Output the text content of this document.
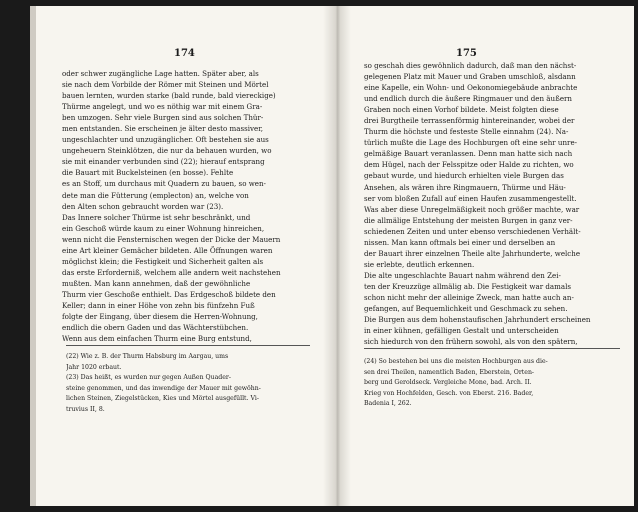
174
oder schwer zugängliche Lage hatten. Später aber, als
sie nach dem Vorbilde der Römer mit Steinen und Mörtel
bauen lernten, wurden starke (bald runde, bald viereckige)
Thürme angelegt, und wo es nöthig war mit einem Gra-
ben umzogen. Sehr viele Burgen sind aus solchen Thür-
men entstanden. Sie erscheinen je älter desto massiver,
ungeschlachter und unzugänglicher. Oft bestehen sie aus
ungeheuern Steinklötzen, die nur da behauen wurden, wo
sie mit einander verbunden sind (22); hierauf entsprang
die Bauart mit Buckelsteinen (en bosse). Fehlte
es an Stoff, um durchaus mit Quadern zu bauen, so wen-
dete man die Fütterung (emplecton) an, welche von
den Alten schon gebraucht worden war (23).
Das Innere solcher Thürme ist sehr beschränkt, und
ein Geschoß würde kaum zu einer Wohnung hinreichen,
wenn nicht die Fensternischen wegen der Dicke der Mauern
eine Art kleiner Gemächer bildeten. Alle Öffnungen waren
möglichst klein; die Festigkeit und Sicherheit galten als
das erste Erforderniß, welchem alle andern weit nachstehen
mußten. Man kann annehmen, daß der gewöhnliche
Thurm vier Geschoße enthielt. Das Erdgeschoß bildete den
Keller; dann in einer Höhe von zehn bis fünfzehn Fuß
folgte der Eingang, über diesem die Herren-Wohnung,
endlich die obern Gaden und das Wächterstübchen.
Wenn aus dem einfachen Thurm eine Burg entstund,
(22) Wie z. B. der Thurm Habsburg im Aargau, ums
Jahr 1020 erbaut.
(23) Das heißt, es wurden nur gegen Außen Quader-
steine genommen, und das inwendige der Mauer mit gewöhn-
lichen Steinen, Ziegelstücken, Kies und Mörtel ausgefüllt. Vi-
truvius II, 8.
175
so geschah dies gewöhnlich dadurch, daß man den nächst-
gelegenen Platz mit Mauer und Graben umschloß, alsdann
eine Kapelle, ein Wohn- und Oekonomiegebäude anbrachte
und endlich durch die äußere Ringmauer und den äußern
Graben noch einen Vorhof bildete. Meist folgten diese
drei Burgtheile terrassenförmig hintereinander, wobei der
Thurm die höchste und festeste Stelle einnahm (24). Na-
türlich mußte die Lage des Hochburgen oft eine sehr unre-
gelmäßige Bauart veranlassen. Denn man hatte sich nach
dem Hügel, nach der Felsspitze oder Halde zu richten, wo
gebaut wurde, und hiedurch erhielten viele Burgen das
Ansehen, als wären ihre Ringmauern, Thürme und Häu-
ser vom bloßen Zufall auf einen Haufen zusammengestellt.
Was aber diese Unregelmäßigkeit noch größer machte, war
die allmälige Entstehung der meisten Burgen in ganz ver-
schiedenen Zeiten und unter ebenso verschiedenen Verhält-
nissen. Man kann oftmals bei einer und derselben an
der Bauart ihrer einzelnen Theile alte Jahrhunderte, welche
sie erlebte, deutlich erkennen.
Die alte ungeschlachte Bauart nahm während den Zei-
ten der Kreuzzüge allmälig ab. Die Festigkeit war damals
schon nicht mehr der alleinige Zweck, man hatte auch an-
gefangen, auf Bequemlichkeit und Geschmack zu sehen.
Die Burgen aus dem hohenstaufischen Jahrhundert erscheinen
in einer kühnen, gefälligen Gestalt und unterscheiden
sich hiedurch von den frühern sowohl, als von den spätern,
(24) So bestehen bei uns die meisten Hochburgen aus die-
sen drei Theilen, namentlich Baden, Eberstein, Orten-
berg und Geroldseck. Vergleiche Mone, bad. Arch. II.
Krieg von Hochfelden, Gesch. von Eberst. 216. Bader,
Badenia I, 262.
